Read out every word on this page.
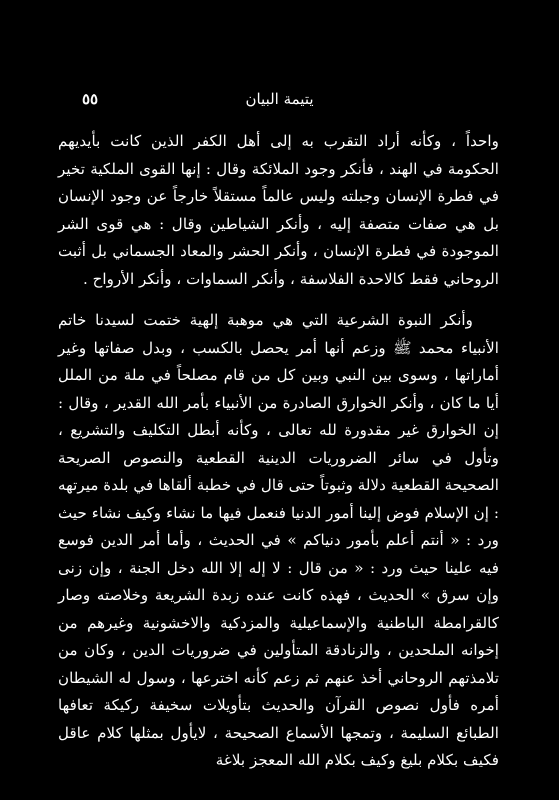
٥٥	يتيمة البيان

واحداً ، وكأنه أراد التقرب به إلى أهل الكفر الذين كانت بأيديهم الحكومة في الهند ، فأنكر وجود الملائكة وقال : إنها القوى الملكية تخير في فطرة الإنسان وجبلته وليس عالماً مستقلاً خارجاً عن وجود الإنسان بل هي صفات متصفة إليه ، وأنكر الشياطين وقال : هي قوى الشر الموجودة في فطرة الإنسان ، وأنكر الحشر والمعاد الجسماني بل أثبت الروحاني فقط كالاحدة الفلاسفة ، وأنكر السماوات ، وأنكر الأرواح .

وأنكر النبوة الشرعية التي هي موهبة إلهية ختمت لسيدنا خاتم الأنبياء محمد ﷺ وزعم أنها أمر يحصل بالكسب ، وبدل صفاتها وغير أماراتها ، وسوى بين النبي وبين كل من قام مصلحاً في ملة من الملل أيا ما كان ، وأنكر الخوارق الصادرة من الأنبياء بأمر الله القدير ، وقال : إن الخوارق غير مقدورة لله تعالى ، وكأنه أبطل التكليف والتشريع ، وتأول في سائر الضروريات الدينية القطعية والنصوص الصريحة الصحيحة القطعية دلالة وثبوتاً حتى قال في خطبة ألقاها في بلدة ميرتهه : إن الإسلام فوض إلينا أمور الدنيا فنعمل فيها ما نشاء وكيف نشاء حيث ورد : « أنتم أعلم بأمور دنياكم » في الحديث ، وأما أمر الدين فوسع فيه علينا حيث ورد : « من قال : لا إله إلا الله دخل الجنة ، وإن زنى وإن سرق » الحديث ، فهذه كانت عنده زبدة الشريعة وخلاصته وصار كالقرامطة الباطنية والإسماعيلية والمزدكية والاخشونية وغيرهم من إخوانه الملحدين ، والزنادقة المتأولين في ضروريات الدين ، وكان من تلامذتهم الروحاني أخذ عنهم ثم زعم كأنه اخترعها ، وسول له الشيطان أمره فأول نصوص القرآن والحديث بتأويلات سخيفة ركيكة تعافها الطبائع السليمة ، وتمجها الأسماع الصحيحة ، لايأول بمثلها كلام عاقل فكيف بكلام بليغ وكيف بكلام الله المعجز بلاغة
